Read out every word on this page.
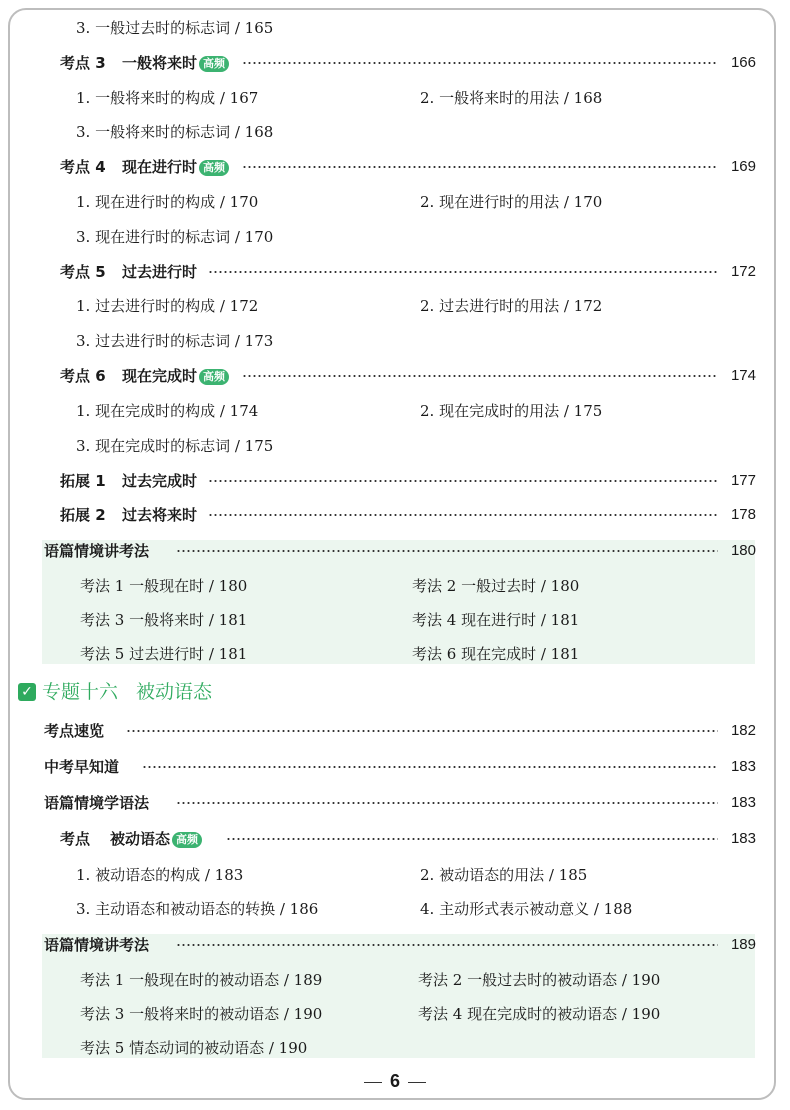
3. 一般过去时的标志词 / 165
考点 3 一般将来时 高频	166
1. 一般将来时的构成 / 167	2. 一般将来时的用法 / 168
3. 一般将来时的标志词 / 168
考点 4 现在进行时 高频	169
1. 现在进行时的构成 / 170	2. 现在进行时的用法 / 170
3. 现在进行时的标志词 / 170
考点 5 过去进行时	172
1. 过去进行时的构成 / 172	2. 过去进行时的用法 / 172
3. 过去进行时的标志词 / 173
考点 6 现在完成时 高频	174
1. 现在完成时的构成 / 174	2. 现在完成时的用法 / 175
3. 现在完成时的标志词 / 175
拓展 1 过去完成时	177
拓展 2 过去将来时	178
语篇情境讲考法	180
考法 1 一般现在时 / 180	考法 2 一般过去时 / 180
考法 3 一般将来时 / 181	考法 4 现在进行时 / 181
考法 5 过去进行时 / 181	考法 6 现在完成时 / 181
✓ 专题十六 被动语态
考点速览	182
中考早知道	183
语篇情境学语法	183
考点 被动语态 高频	183
1. 被动语态的构成 / 183	2. 被动语态的用法 / 185
3. 主动语态和被动语态的转换 / 186	4. 主动形式表示被动意义 / 188
语篇情境讲考法	189
考法 1 一般现在时的被动语态 / 189	考法 2 一般过去时的被动语态 / 190
考法 3 一般将来时的被动语态 / 190	考法 4 现在完成时的被动语态 / 190
考法 5 情态动词的被动语态 / 190
6
